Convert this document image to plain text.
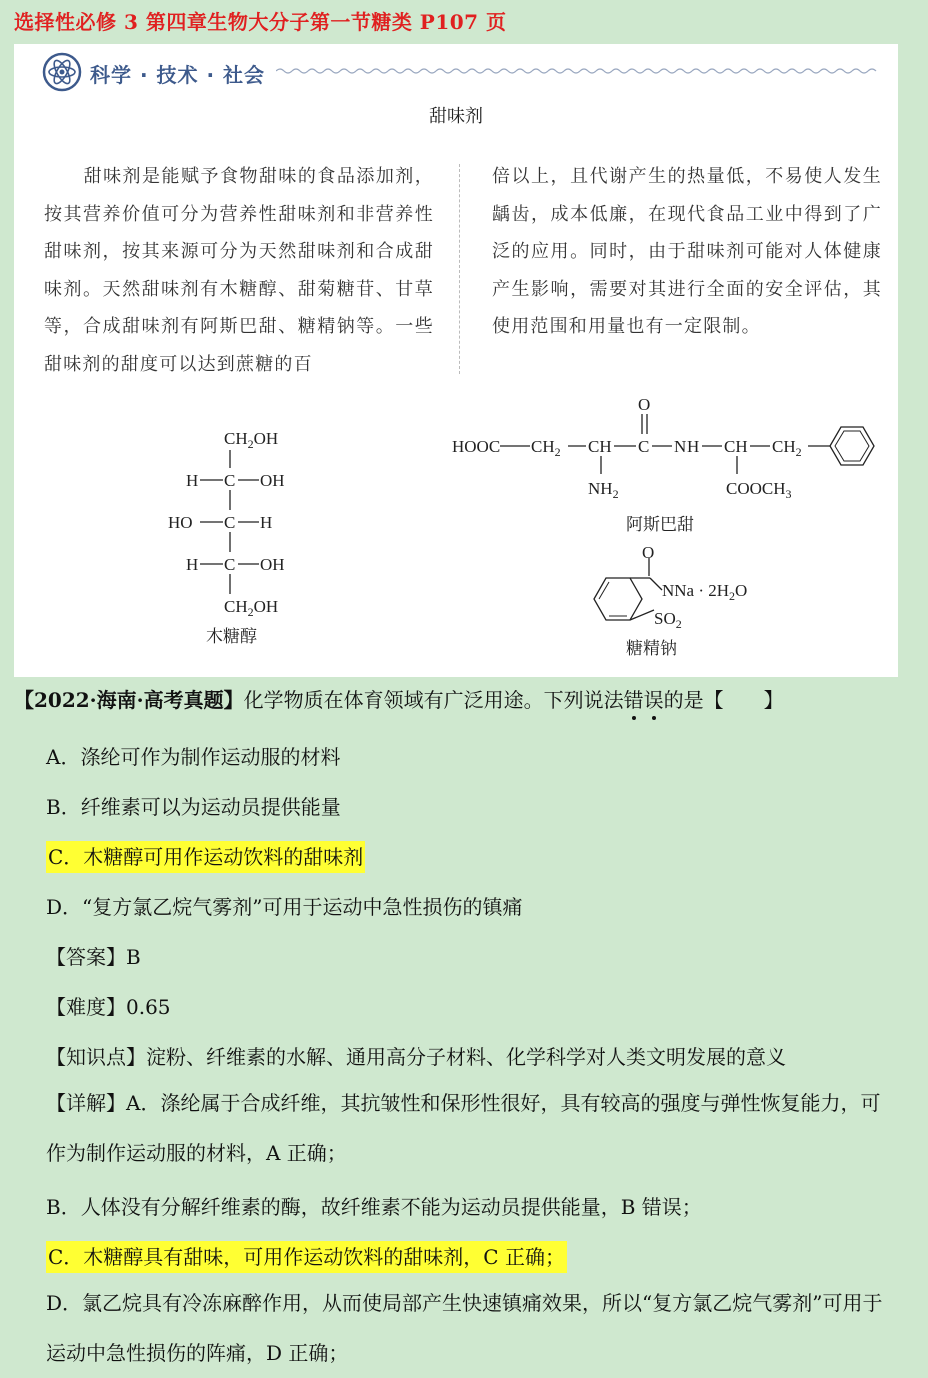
选择性必修 3 第四章生物大分子第一节糖类 P107 页
科学 · 技术 · 社会
甜味剂

甜味剂是能赋予食物甜味的食品添加剂，按其营养价值可分为营养性甜味剂和非营养性甜味剂，按其来源可分为天然甜味剂和合成甜味剂。天然甜味剂有木糖醇、甜菊糖苷、甘草等，合成甜味剂有阿斯巴甜、糖精钠等。一些甜味剂的甜度可以达到蔗糖的百

倍以上，且代谢产生的热量低，不易使人发生龋齿，成本低廉，在现代食品工业中得到了广泛的应用。同时，由于甜味剂可能对人体健康产生影响，需要对其进行全面的安全评估，其使用范围和用量也有一定限制。

$CH_2OH$
H C OH
HO C H
H C OH
$CH_2OH$
木糖醇
HOOC $CH_2$ CH
$NH_2$
C
O
N H CH
$COOCH_3$
$CH_2$
阿斯巴甜
O
NNa · $2H_2O$
$SO_2$
糖精钠
【2022·海南·高考真题】化学物质在体育领域有广泛用途。下列说法错
误
的是【　　】
A．涤纶可作为制作运动服的材料
B．纤维素可以为运动员提供能量
C．木糖醇可用作运动饮料的甜味剂
D．“复方氯乙烷气雾剂”可用于运动中急性损伤的镇痛
【答案】B
【难度】0.65
【知识点】淀粉、纤维素的水解、通用高分子材料、化学科学对人类文明发展的意义
【详解】A．涤纶属于合成纤维，其抗皱性和保形性很好，具有较高的强度与弹性恢复能力，可作为制作运动服的材料，A 正确；
B．人体没有分解纤维素的酶，故纤维素不能为运动员提供能量，B 错误；
C．木糖醇具有甜味，可用作运动饮料的甜味剂，C 正确；
D．氯乙烷具有冷冻麻醉作用，从而使局部产生快速镇痛效果，所以“复方氯乙烷气雾剂”可用于运动中急性损伤的阵痛，D 正确；
